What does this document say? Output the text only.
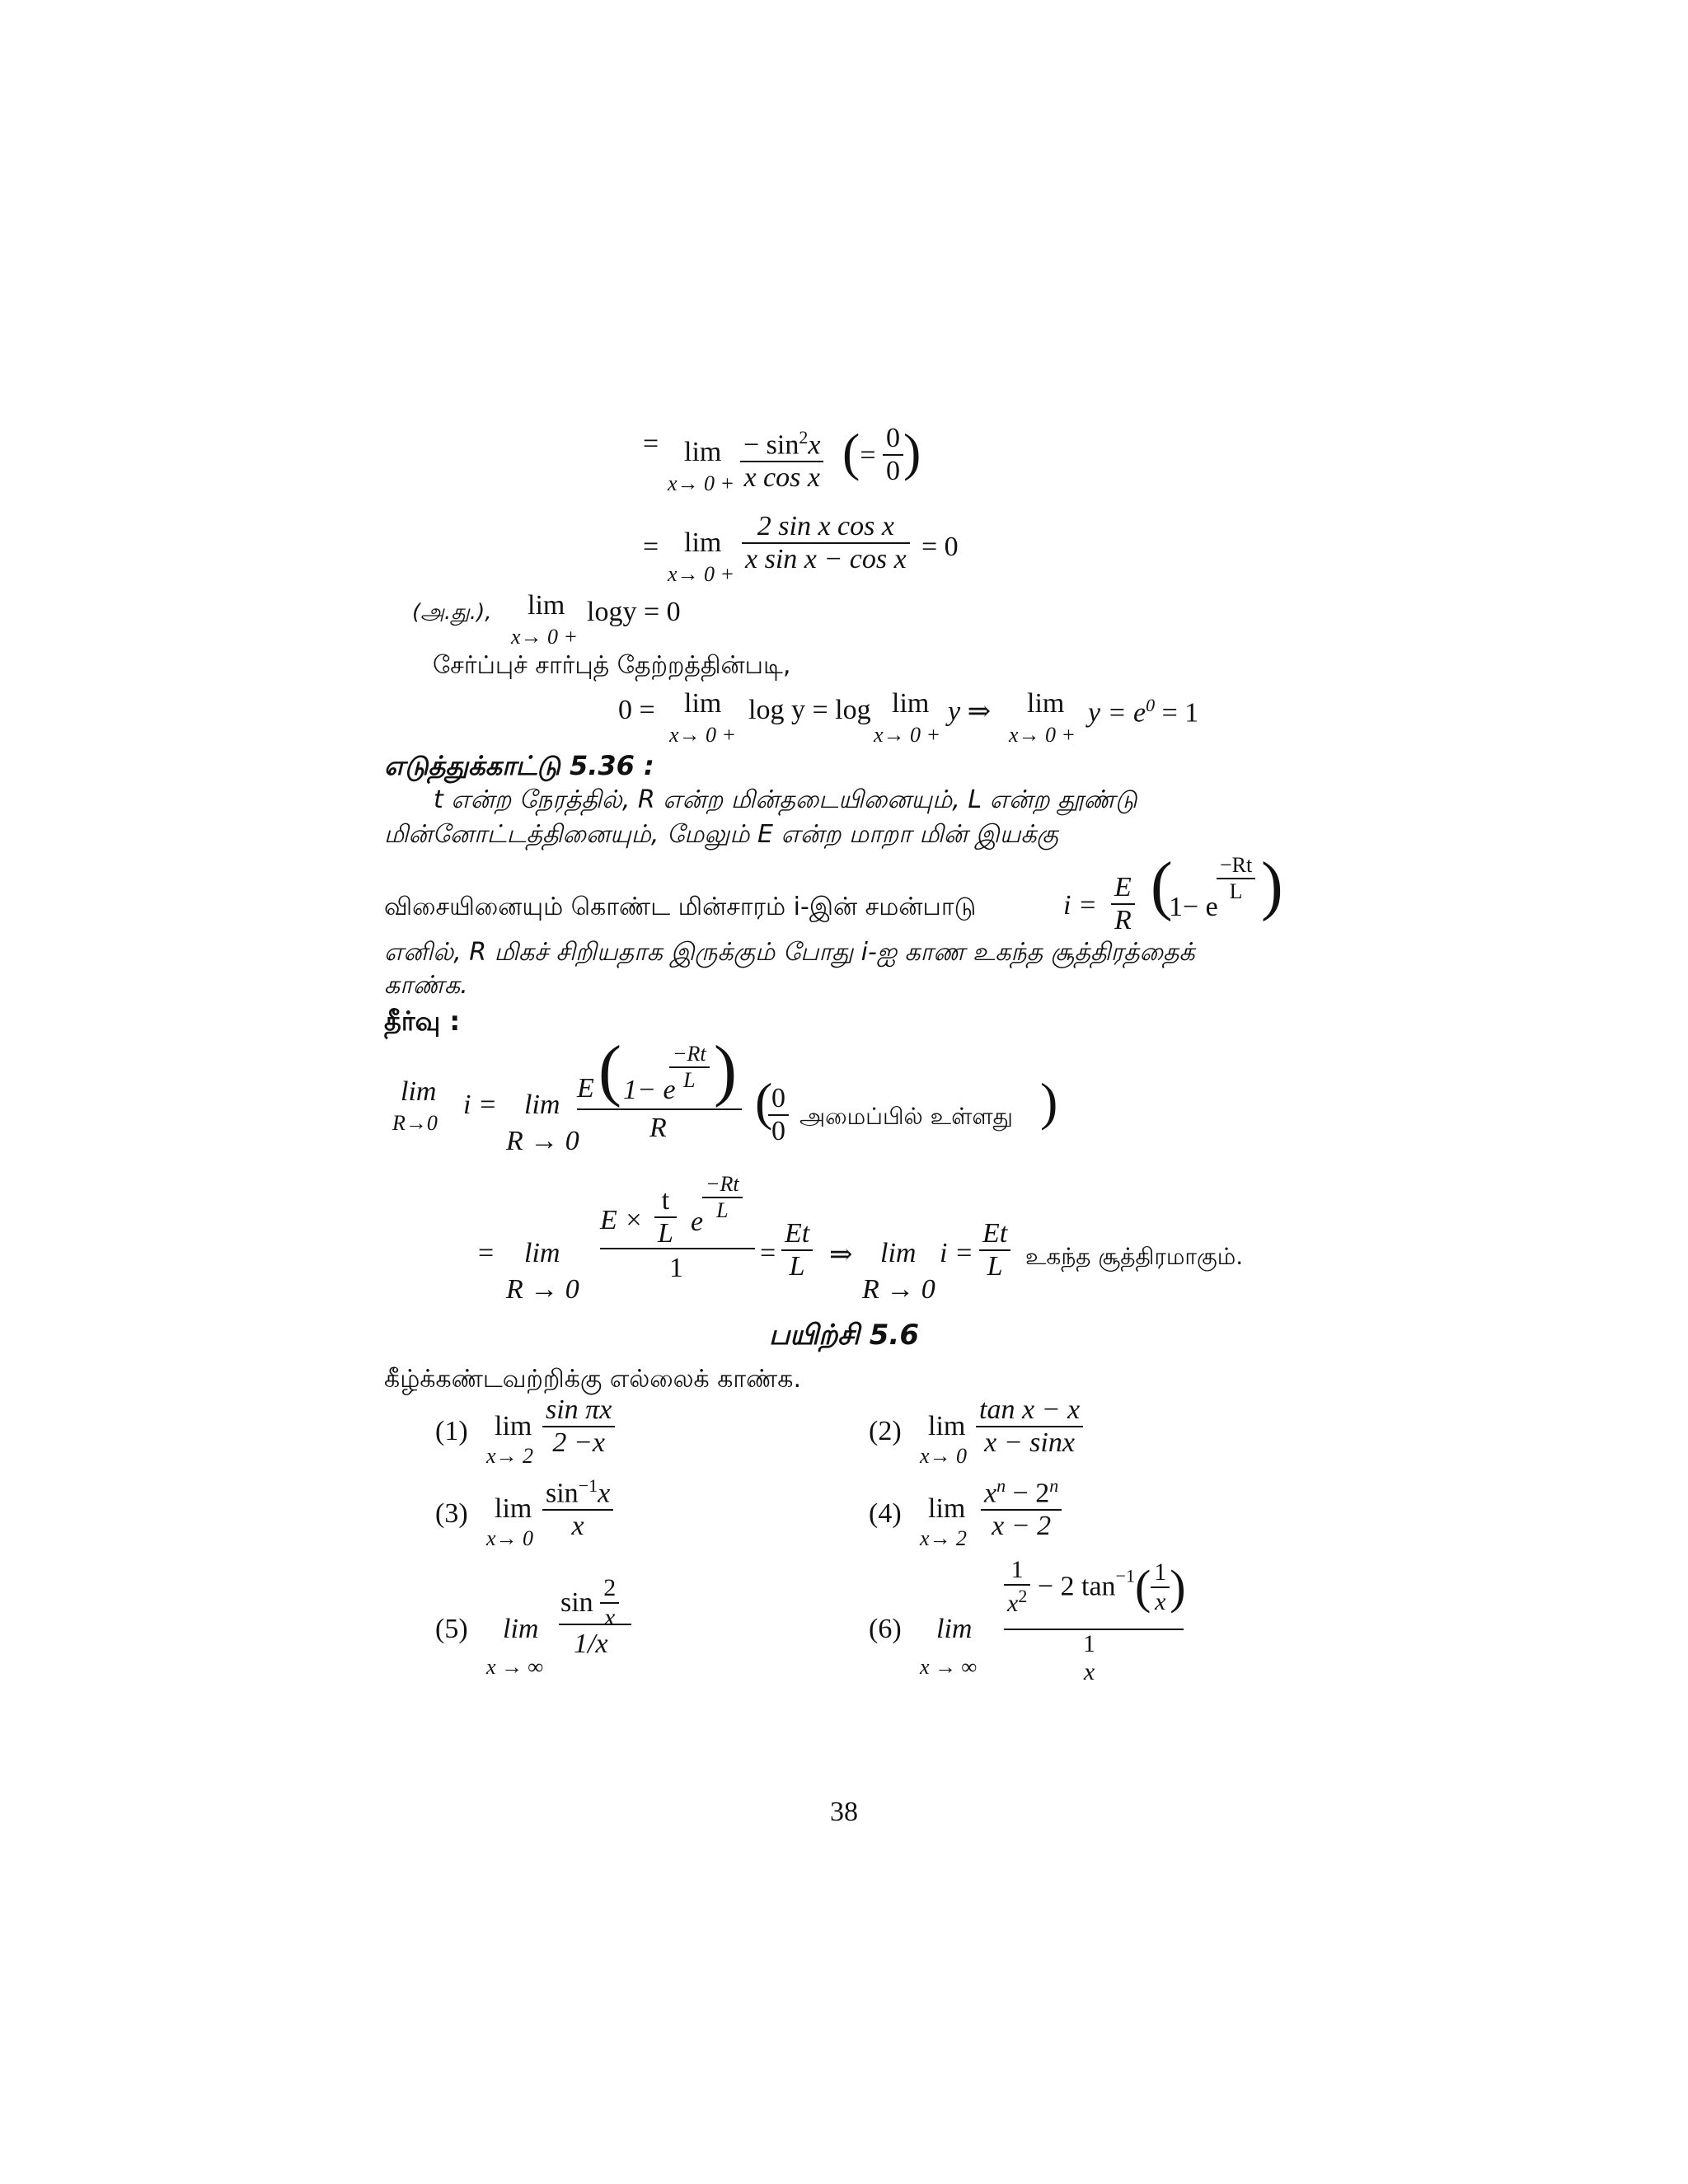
= lim
$x\to 0 + \frac{- \sin^2x}{\text{x cos x}}$ (= $\frac{0}{0}$ )
= lim
$x\to 0 + \frac{\text{2 sin x cos x}}{\text{x sin x − cos x}} = 0$
(அ.து.), lim
x→ 0 +
logy = 0
சேர்ப்புச் சார்புத் தேற்றத்தின்படி,
0 = lim
x→ 0 +
log y = log lim
x→ 0 +
y ⇒ lim
x→ 0 +
$y = e^0 = 1$
எடுத்துக்காட்டு 5.36 :
t என்ற நேரத்தில், R என்ற மின்தடையினையும், L என்ற தூண்டு
மின்னோட்டத்தினையும், மேலும் E என்ற மாறா மின் இயக்கு
விசையினையும் கொண்ட மின்சாரம் i-இன் சமன்பாடு	$i = \frac{E}{R}$ (
1− e
$\frac{-Rt}{L}$ )
எனில், R மிகச் சிறியதாக இருக்கும் போது i-ஐ காண உகந்த சூத்திரத்தைக்
காண்க.
தீர்வு :
lim
R→0
i = lim
R → 0
E ( 1− e
$\frac{-Rt}{L}$ )
R (
$\frac{0}{0}$ அமைப்பில் உள்ளது )
= lim
R → 0
$E \times \frac{t}{L}$ e
$\frac{-Rt}{L}$
1	= $\frac{Et}{L}$ ⇒ lim
R → 0
$i = \frac{Et}{L}$ உகந்த சூத்திரமாகும்.
பயிற்சி 5.6
கீழ்க்கண்டவற்றிக்கு எல்லைக் காண்க.
(1) lim
$x\to 2 \frac{\text{sin πx}}{2 -x}$	(2) lim
$x\to 0 \frac{\text{tan x − x}}{x - \sin x}$
(3) lim
$x\to 0 \frac{\sin^{-1}x}{x}$	(4) lim
$x\to 2 \frac{x^n - 2^n}{x - 2}$
(5) lim
x → ∞
$\sin \frac{2}{x}$
1/x	(6) lim
x → ∞
$\frac{1}{x^2} - 2$ $\tan^{-1}( \frac{1}{x}$ )
1
x
38
